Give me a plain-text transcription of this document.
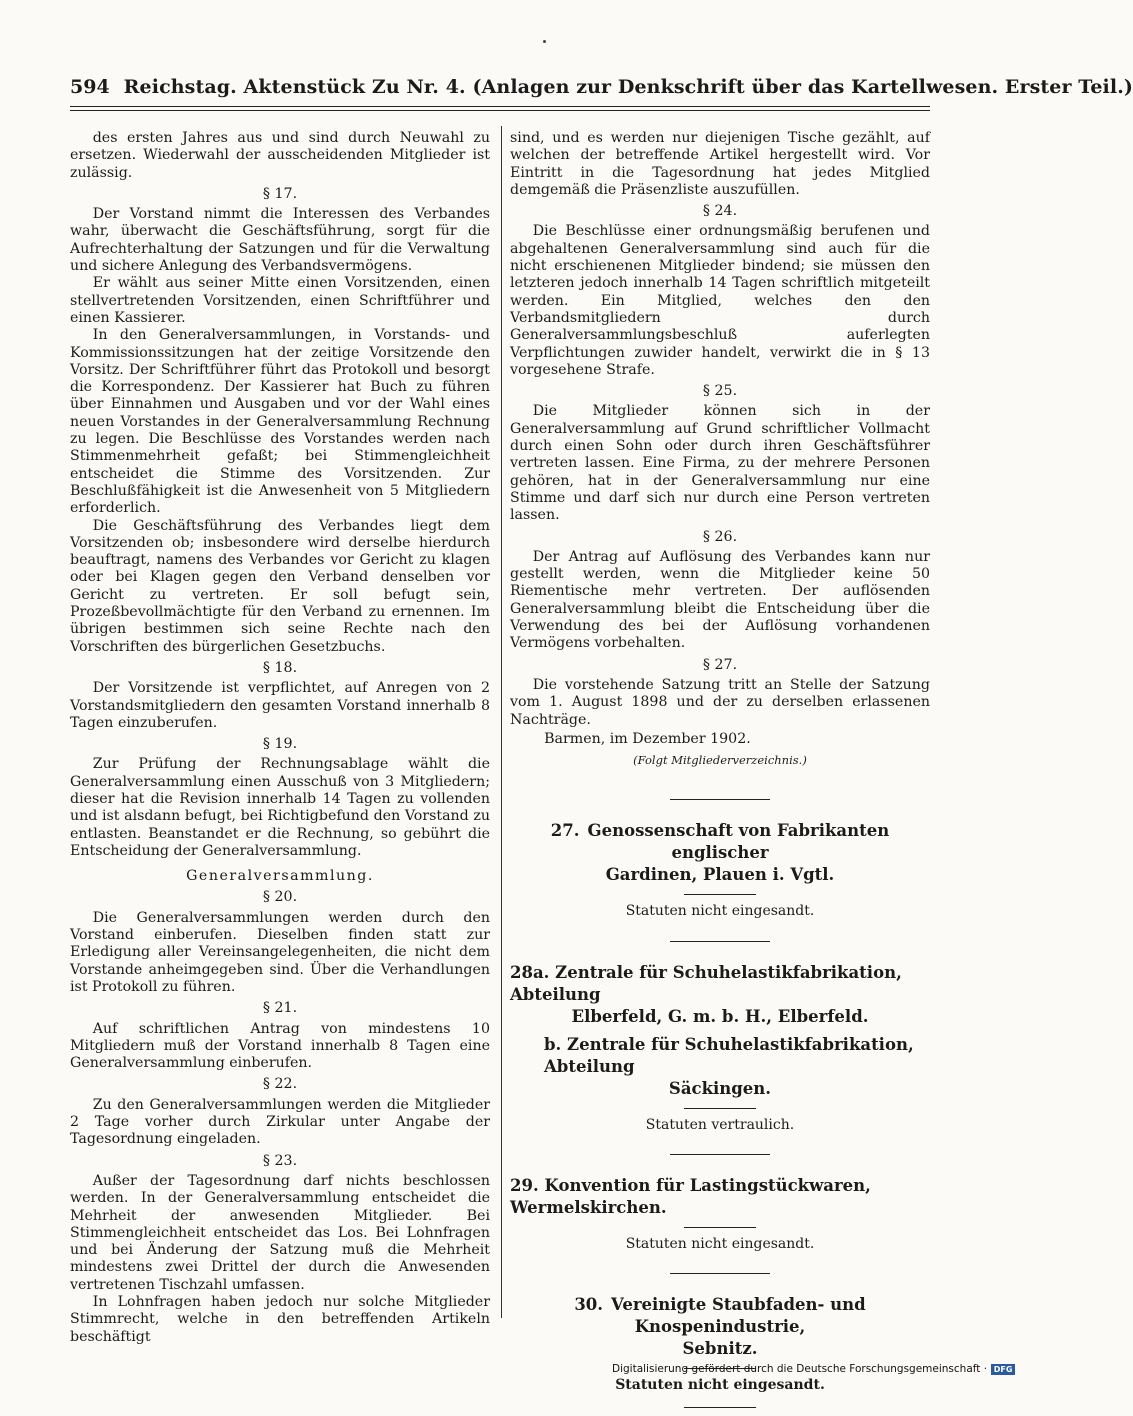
594 Reichstag. Aktenstück Zu Nr. 4. (Anlagen zur Denkschrift über das Kartellwesen. Erster Teil.)

des ersten Jahres aus und sind durch Neuwahl zu ersetzen. Wiederwahl der ausscheidenden Mitglieder ist zulässig.

§ 17.

Der Vorstand nimmt die Interessen des Verbandes wahr, überwacht die Geschäftsführung, sorgt für die Aufrechterhaltung der Satzungen und für die Verwaltung und sichere Anlegung des Verbandsvermögens.

Er wählt aus seiner Mitte einen Vorsitzenden, einen stellvertretenden Vorsitzenden, einen Schriftführer und einen Kassierer.

In den Generalversammlungen, in Vorstands- und Kommissionssitzungen hat der zeitige Vorsitzende den Vorsitz. Der Schriftführer führt das Protokoll und besorgt die Korrespondenz. Der Kassierer hat Buch zu führen über Einnahmen und Ausgaben und vor der Wahl eines neuen Vorstandes in der Generalversammlung Rechnung zu legen. Die Beschlüsse des Vorstandes werden nach Stimmenmehrheit gefaßt; bei Stimmengleichheit entscheidet die Stimme des Vorsitzenden. Zur Beschlußfähigkeit ist die Anwesenheit von 5 Mitgliedern erforderlich.

Die Geschäftsführung des Verbandes liegt dem Vorsitzenden ob; insbesondere wird derselbe hierdurch beauftragt, namens des Verbandes vor Gericht zu klagen oder bei Klagen gegen den Verband denselben vor Gericht zu vertreten. Er soll befugt sein, Prozeßbevollmächtigte für den Verband zu ernennen. Im übrigen bestimmen sich seine Rechte nach den Vorschriften des bürgerlichen Gesetzbuchs.

§ 18.

Der Vorsitzende ist verpflichtet, auf Anregen von 2 Vorstandsmitgliedern den gesamten Vorstand innerhalb 8 Tagen einzuberufen.

§ 19.

Zur Prüfung der Rechnungsablage wählt die Generalversammlung einen Ausschuß von 3 Mitgliedern; dieser hat die Revision innerhalb 14 Tagen zu vollenden und ist alsdann befugt, bei Richtigbefund den Vorstand zu entlasten. Beanstandet er die Rechnung, so gebührt die Entscheidung der Generalversammlung.

Generalversammlung.
§ 20.

Die Generalversammlungen werden durch den Vorstand einberufen. Dieselben finden statt zur Erledigung aller Vereinsangelegenheiten, die nicht dem Vorstande anheimgegeben sind. Über die Verhandlungen ist Protokoll zu führen.

§ 21.

Auf schriftlichen Antrag von mindestens 10 Mitgliedern muß der Vorstand innerhalb 8 Tagen eine Generalversammlung einberufen.

§ 22.

Zu den Generalversammlungen werden die Mitglieder 2 Tage vorher durch Zirkular unter Angabe der Tagesordnung eingeladen.

§ 23.

Außer der Tagesordnung darf nichts beschlossen werden. In der Generalversammlung entscheidet die Mehrheit der anwesenden Mitglieder. Bei Stimmengleichheit entscheidet das Los. Bei Lohnfragen und bei Änderung der Satzung muß die Mehrheit mindestens zwei Drittel der durch die Anwesenden vertretenen Tischzahl umfassen.

In Lohnfragen haben jedoch nur solche Mitglieder Stimmrecht, welche in den betreffenden Artikeln beschäftigt

sind, und es werden nur diejenigen Tische gezählt, auf welchen der betreffende Artikel hergestellt wird. Vor Eintritt in die Tagesordnung hat jedes Mitglied demgemäß die Präsenzliste auszufüllen.

§ 24.

Die Beschlüsse einer ordnungsmäßig berufenen und abgehaltenen Generalversammlung sind auch für die nicht erschienenen Mitglieder bindend; sie müssen den letzteren jedoch innerhalb 14 Tagen schriftlich mitgeteilt werden. Ein Mitglied, welches den den Verbandsmitgliedern durch Generalversammlungsbeschluß auferlegten Verpflichtungen zuwider handelt, verwirkt die in § 13 vorgesehene Strafe.

§ 25.

Die Mitglieder können sich in der Generalversammlung auf Grund schriftlicher Vollmacht durch einen Sohn oder durch ihren Geschäftsführer vertreten lassen. Eine Firma, zu der mehrere Personen gehören, hat in der Generalversammlung nur eine Stimme und darf sich nur durch eine Person vertreten lassen.

§ 26.

Der Antrag auf Auflösung des Verbandes kann nur gestellt werden, wenn die Mitglieder keine 50 Riementische mehr vertreten. Der auflösenden Generalversammlung bleibt die Entscheidung über die Verwendung des bei der Auflösung vorhandenen Vermögens vorbehalten.

§ 27.

Die vorstehende Satzung tritt an Stelle der Satzung vom 1. August 1898 und der zu derselben erlassenen Nachträge.

Barmen, im Dezember 1902.

(Folgt Mitgliederverzeichnis.)
27. Genossenschaft von Fabrikanten englischer
Gardinen, Plauen i. Vgtl.
Statuten nicht eingesandt.
28a. Zentrale für Schuhelastikfabrikation, Abteilung
Elberfeld, G. m. b. H., Elberfeld.
b. Zentrale für Schuhelastikfabrikation, Abteilung
Säckingen.
Statuten vertraulich.
29. Konvention für Lastingstückwaren, Wermelskirchen.
Statuten nicht eingesandt.
30. Vereinigte Staubfaden- und Knospenindustrie,
Sebnitz.
Statuten nicht eingesandt.
Digitalisierung gefördert durch die Deutsche Forschungsgemeinschaft · DFG
